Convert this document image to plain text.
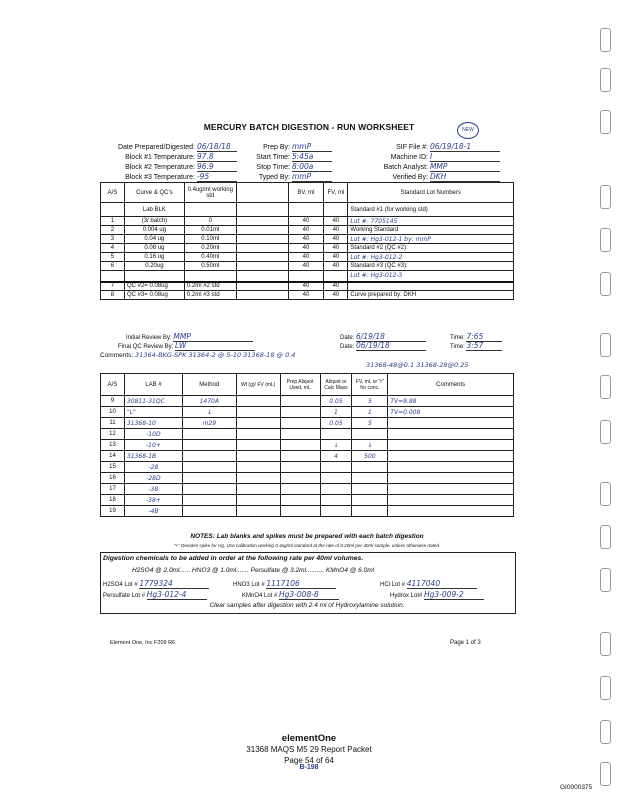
MERCURY BATCH DIGESTION - RUN WORKSHEET	NEW
Date Prepared/Digested: 06/18/18
Block #1 Temperature: 97.8
Block #2 Temperature: 96.9
Block #3 Temperature: -95
Prep By: mmP
Start Time: 5:45a
Stop Time: 8:00a
Typed By: mmP
SIF File #: 06/19/18-1
Machine ID: I
Batch Analyst: MMP
Verified By: DKH
A/S	Curve & QC's	0.4ug/ml working std		BV, ml	FV, ml	Standard Lot Numbers
	Lab BLK					Standard #1 (for working std)
1	(3/ batch)	0		40	40	Lot #: 7705145
2	0.004 ug	0.01ml		40	40	Working Standard
3	0.04 ug	0.10ml		40	40	Lot #: Hg3-012-1 by: mmP
4	0.08 ug	0.20ml		40	40	Standard #2 (QC #2):
5	0.16 ug	0.40ml		40	40	Lot #: Hg3-012-2
6	0.20ug	0.50ml		40	40	Standard #3 (QC #3):
						Lot #: Hg3-012-3
7	QC #2= 0.08ug	0.2ml #2 std		40	40	
8	QC #3= 0.08ug	0.2ml #3 std		40	40	Curve prepared by: DKH
Initial Review By: MMP
Final QC Review By: LW
Date: 6/19/18
Date: 06/19/18
Time: 7:65
Time: 3:57
Comments: 31364-BKG-SPK 31364-2 @ 5-10 31368-18 @ 0.4
31368-48@0.1 31368-28@0.25
A/S	LAB #	Method	Wt (g)/ FV (mL)	Prep Aliquot Used, mL	Aliquot or Calc Mass	FV, mL or "r" for conc.	Comments
9	30811-31QC	1470A			0.05	5	TV=9.88
10	"L"	↓			1	1	TV=0.008
11	31368-10	m29			0.05	5	
12	-10D						
13	-10+				↓	↓	
14	31368-1B				4	500	
15	-28						
16	-28D						
17	-38						
18	-38+						
19	-4B						
NOTES: Lab blanks and spikes must be prepared with each batch digestion
"+" Denotes spike for Hg. Use calibration working 0.4ug/ml standard at the rate of 0.20ml per 40ml sample, unless otherwise noted.
Digestion chemicals to be added in order at the following rate per 40ml volumes.
H2SO4 @ 2.0ml...... HNO3 @ 1.0ml....... Persulfate @ 3.2ml.......... KMnO4 @ 6.0ml
H2SO4 Lot # 1779324	HNO3 Lot # 1117106	HCl Lot # 4117040
Persulfate Lot # Hg3-012-4	KMnO4 Lot # Hg3-008-8	Hydrox Lot# Hg3-009-2
Clear samples after digestion with 2.4 ml of Hydroxylamine solution.
Element One, Inc F209 R6	Page 1 of 3
elementOne
31368 MAQS M5 29 Report Packet
Page 54 of 64
B-198
GI0000375
